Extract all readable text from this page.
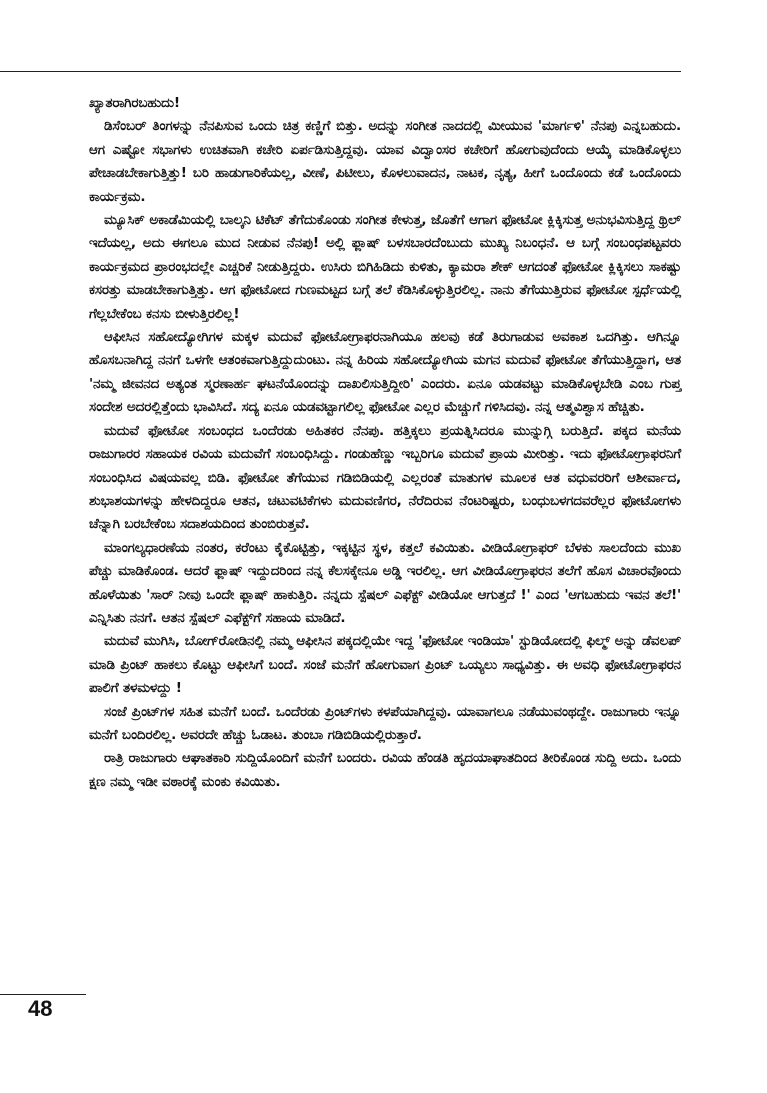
ಖ್ಯಾತರಾಗಿರಬಹುದು!

ಡಿಸೆಂಬರ್ ತಿಂಗಳನ್ನು ನೆನಪಿಸುವ ಒಂದು ಚಿತ್ರ ಕಣ್ಣಿಗೆ ಬಿತ್ತು. ಅದನ್ನು ಸಂಗೀತ ನಾದದಲ್ಲಿ ಮೀಯುವ 'ಮಾರ್ಗಳಿ' ನೆನಪು ಎನ್ನಬಹುದು. ಆಗ ಎಷ್ಟೋ ಸಭಾಗಳು ಉಚಿತವಾಗಿ ಕಚೇರಿ ಏರ್ಪಡಿಸುತ್ತಿದ್ದವು. ಯಾವ ವಿದ್ವಾಂಸರ ಕಚೇರಿಗೆ ಹೋಗುವುದೆಂದು ಆಯ್ಕೆ ಮಾಡಿಕೊಳ್ಳಲು ಪೇಚಾಡಬೇಕಾಗುತ್ತಿತ್ತು! ಬರಿ ಹಾಡುಗಾರಿಕೆಯಲ್ಲ, ವೀಣೆ, ಪಿಟೀಲು, ಕೊಳಲುವಾದನ, ನಾಟಕ, ನೃತ್ಯ, ಹೀಗೆ ಒಂದೊಂದು ಕಡೆ ಒಂದೊಂದು ಕಾರ್ಯಕ್ರಮ.

ಮ್ಯೂಸಿಕ್ ಅಕಾಡೆಮಿಯಲ್ಲಿ ಬಾಲ್ಕನಿ ಟಿಕೆಟ್ ತೆಗೆದುಕೊಂಡು ಸಂಗೀತ ಕೇಳುತ್ತ, ಜೊತೆಗೆ ಆಗಾಗ ಫೋಟೋ ಕ್ಲಿಕ್ಕಿಸುತ್ತ ಅನುಭವಿಸುತ್ತಿದ್ದ ಥ್ರಿಲ್ ಇದೆಯಲ್ಲ, ಅದು ಈಗಲೂ ಮುದ ನೀಡುವ ನೆನಪು! ಅಲ್ಲಿ ಫ್ಲಾಷ್ ಬಳಸಬಾರದೆಂಬುದು ಮುಖ್ಯ ನಿಬಂಧನೆ. ಆ ಬಗ್ಗೆ ಸಂಬಂಧಪಟ್ಟವರು ಕಾರ್ಯಕ್ರಮದ ಪ್ರಾರಂಭದಲ್ಲೇ ಎಚ್ಚರಿಕೆ ನೀಡುತ್ತಿದ್ದರು. ಉಸಿರು ಬಿಗಿಹಿಡಿದು ಕುಳಿತು, ಕ್ಯಾಮರಾ ಶೇಕ್ ಆಗದಂತೆ ಫೋಟೋ ಕ್ಲಿಕ್ಕಿಸಲು ಸಾಕಷ್ಟು ಕಸರತ್ತು ಮಾಡಬೇಕಾಗುತ್ತಿತ್ತು. ಆಗ ಫೋಟೋದ ಗುಣಮಟ್ಟದ ಬಗ್ಗೆ ತಲೆ ಕೆಡಿಸಿಕೊಳ್ಳುತ್ತಿರಲಿಲ್ಲ. ನಾನು ತೆಗೆಯುತ್ತಿರುವ ಫೋಟೋ ಸ್ಪರ್ಧೆಯಲ್ಲಿ ಗೆಲ್ಲಬೇಕೆಂಬ ಕನಸು ಬೀಳುತ್ತಿರಲಿಲ್ಲ!

ಆಫೀಸಿನ ಸಹೋದ್ಯೋಗಿಗಳ ಮಕ್ಕಳ ಮದುವೆ ಫೋಟೋಗ್ರಾಫರನಾಗಿಯೂ ಹಲವು ಕಡೆ ತಿರುಗಾಡುವ ಅವಕಾಶ ಒದಗಿತ್ತು. ಆಗಿನ್ನೂ ಹೊಸಬನಾಗಿದ್ದ ನನಗೆ ಒಳಗೇ ಆತಂಕವಾಗುತ್ತಿದ್ದುದುಂಟು. ನನ್ನ ಹಿರಿಯ ಸಹೋದ್ಯೋಗಿಯ ಮಗನ ಮದುವೆ ಫೋಟೋ ತೆಗೆಯುತ್ತಿದ್ದಾಗ, ಆತ 'ನಮ್ಮ ಜೀವನದ ಅತ್ಯಂತ ಸ್ಮರಣಾರ್ಹ ಘಟನೆಯೊಂದನ್ನು ದಾಖಲಿಸುತ್ತಿದ್ದೀರಿ' ಎಂದರು. ಏನೂ ಯಡವಟ್ಟು ಮಾಡಿಕೊಳ್ಳಬೇಡಿ ಎಂಬ ಗುಪ್ತ ಸಂದೇಶ ಅದರಲ್ಲಿತ್ತೆಂದು ಭಾವಿಸಿದೆ. ಸದ್ಯ ಏನೂ ಯಡವಟ್ಟಾಗಲಿಲ್ಲ ಫೋಟೋ ಎಲ್ಲರ ಮೆಚ್ಚುಗೆ ಗಳಿಸಿದವು. ನನ್ನ ಆತ್ಮವಿಶ್ವಾಸ ಹೆಚ್ಚಿತು.

ಮದುವೆ ಫೋಟೋ ಸಂಬಂಧದ ಒಂದೆರಡು ಅಹಿತಕರ ನೆನಪು. ಹತ್ತಿಕ್ಕಲು ಪ್ರಯತ್ನಿಸಿದರೂ ಮುನ್ನುಗ್ಗಿ ಬರುತ್ತಿದೆ. ಪಕ್ಕದ ಮನೆಯ ರಾಜುಗಾರರ ಸಹಾಯಕ ರವಿಯ ಮದುವೆಗೆ ಸಂಬಂಧಿಸಿದ್ದು. ಗಂಡುಹೆಣ್ಣು ಇಬ್ಬರಿಗೂ ಮದುವೆ ಪ್ರಾಯ ಮೀರಿತ್ತು. ಇದು ಫೋಟೋಗ್ರಾಫರನಿಗೆ ಸಂಬಂಧಿಸಿದ ವಿಷಯವಲ್ಲ ಬಿಡಿ. ಫೋಟೋ ತೆಗೆಯುವ ಗಡಿಬಿಡಿಯಲ್ಲಿ ಎಲ್ಲರಂತೆ ಮಾತುಗಳ ಮೂಲಕ ಆತ ವಧುವರರಿಗೆ ಆಶೀರ್ವಾದ, ಶುಭಾಶಯಗಳನ್ನು ಹೇಳದಿದ್ದರೂ ಆತನ, ಚಟುವಟಿಕೆಗಳು ಮದುವಣಿಗರ, ನೆರೆದಿರುವ ನೆಂಟರಿಷ್ಟರು, ಬಂಧುಬಳಗದವರೆಲ್ಲರ ಫೋಟೋಗಳು ಚೆನ್ನಾಗಿ ಬರಬೇಕೆಂಬ ಸದಾಶಯದಿಂದ ತುಂಬಿರುತ್ತವೆ.

ಮಾಂಗಲ್ಯಧಾರಣೆಯ ನಂತರ, ಕರೆಂಟು ಕೈಕೊಟ್ಟಿತ್ತು, ಇಕ್ಕಟ್ಟಿನ ಸ್ಥಳ, ಕತ್ತಲೆ ಕವಿಯಿತು. ವೀಡಿಯೋಗ್ರಾಫರ್ ಬೆಳಕು ಸಾಲದೆಂದು ಮುಖ ಪೆಚ್ಚು ಮಾಡಿಕೊಂಡ. ಆದರೆ ಫ್ಲಾಷ್ ಇದ್ದುದರಿಂದ ನನ್ನ ಕೆಲಸಕ್ಕೇನೂ ಅಡ್ಡಿ ಇರಲಿಲ್ಲ. ಆಗ ವೀಡಿಯೋಗ್ರಾಫರನ ತಲೆಗೆ ಹೊಸ ವಿಚಾರವೊಂದು ಹೊಳೆಯಿತು 'ಸಾರ್ ನೀವು ಒಂದೇ ಫ್ಲಾಷ್ ಹಾಕುತ್ತಿರಿ. ನನ್ನದು ಸ್ಪೆಷಲ್ ಎಫೆಕ್ಟ್ ವೀಡಿಯೋ ಆಗುತ್ತದೆ !' ಎಂದ 'ಆಗಬಹುದು ಇವನ ತಲೆ!' ಎನ್ನಿಸಿತು ನನಗೆ. ಆತನ ಸ್ಪೆಷಲ್ ಎಫೆಕ್ಟ್‌ಗೆ ಸಹಾಯ ಮಾಡಿದೆ.

ಮದುವೆ ಮುಗಿಸಿ, ಬೋಗ್‌ರೋಡಿನಲ್ಲಿ ನಮ್ಮ ಆಫೀಸಿನ ಪಕ್ಕದಲ್ಲಿಯೇ ಇದ್ದ 'ಫೋಟೋ ಇಂಡಿಯಾ' ಸ್ಟುಡಿಯೋದಲ್ಲಿ ಫಿಲ್ಮ್ ಅನ್ನು ಡೆವಲಪ್ ಮಾಡಿ ಪ್ರಿಂಟ್ ಹಾಕಲು ಕೊಟ್ಟು ಆಫೀಸಿಗೆ ಬಂದೆ. ಸಂಜೆ ಮನೆಗೆ ಹೋಗುವಾಗ ಪ್ರಿಂಟ್ ಒಯ್ಯಲು ಸಾಧ್ಯವಿತ್ತು. ಈ ಅವಧಿ ಫೋಟೋಗ್ರಾಫರನ ಪಾಲಿಗೆ ತಳಮಳದ್ದು !

ಸಂಜೆ ಪ್ರಿಂಟ್‌ಗಳ ಸಹಿತ ಮನೆಗೆ ಬಂದೆ. ಒಂದೆರಡು ಪ್ರಿಂಟ್‌ಗಳು ಕಳಪೆಯಾಗಿದ್ದವು. ಯಾವಾಗಲೂ ನಡೆಯುವಂಥದ್ದೇ. ರಾಜುಗಾರು ಇನ್ನೂ ಮನೆಗೆ ಬಂದಿರಲಿಲ್ಲ. ಅವರದೇ ಹೆಚ್ಚು ಓಡಾಟ. ತುಂಬಾ ಗಡಿಬಿಡಿಯಲ್ಲಿರುತ್ತಾರೆ.

ರಾತ್ರಿ ರಾಜುಗಾರು ಆಘಾತಕಾರಿ ಸುದ್ದಿಯೊಂದಿಗೆ ಮನೆಗೆ ಬಂದರು. ರವಿಯ ಹೆಂಡತಿ ಹೃದಯಾಘಾತದಿಂದ ತೀರಿಕೊಂಡ ಸುದ್ದಿ ಅದು. ಒಂದು ಕ್ಷಣ ನಮ್ಮ ಇಡೀ ವಠಾರಕ್ಕೆ ಮಂಕು ಕವಿಯಿತು.

48
